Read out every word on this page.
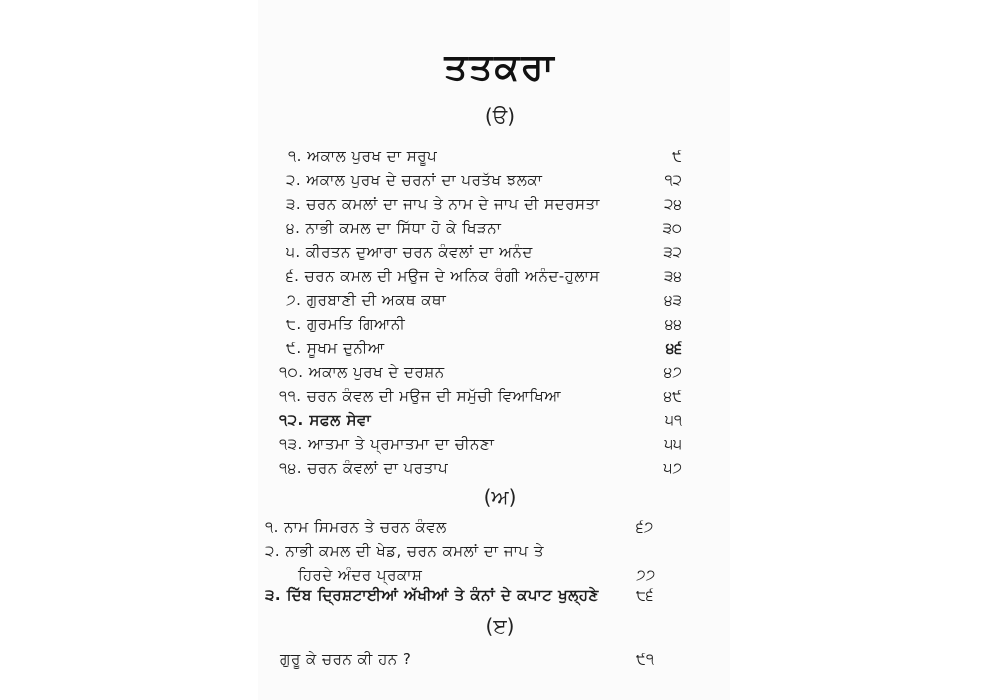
ਤਤਕਰਾ
(ੳ)
੧. ਅਕਾਲ ਪੁਰਖ ਦਾ ਸਰੂਪ	੯
੨. ਅਕਾਲ ਪੁਰਖ ਦੇ ਚਰਨਾਂ ਦਾ ਪਰਤੱਖ ਝਲਕਾ	੧੨
੩. ਚਰਨ ਕਮਲਾਂ ਦਾ ਜਾਪ ਤੇ ਨਾਮ ਦੇ ਜਾਪ ਦੀ ਸਦਰਸਤਾ	੨੪
੪. ਨਾਭੀ ਕਮਲ ਦਾ ਸਿੱਧਾ ਹੋ ਕੇ ਖਿੜਨਾ	੩੦
੫. ਕੀਰਤਨ ਦੁਆਰਾ ਚਰਨ ਕੰਵਲਾਂ ਦਾ ਅਨੰਦ	੩੨
੬. ਚਰਨ ਕਮਲ ਦੀ ਮਉਜ ਦੇ ਅਨਿਕ ਰੰਗੀ ਅਨੰਦ-ਹੁਲਾਸ	੩੪
੭. ਗੁਰਬਾਣੀ ਦੀ ਅਕਥ ਕਥਾ	੪੩
੮. ਗੁਰਮਤਿ ਗਿਆਨੀ	੪੪
੯. ਸੂਖਮ ਦੁਨੀਆ	੪੬
੧੦. ਅਕਾਲ ਪੁਰਖ ਦੇ ਦਰਸ਼ਨ	੪੭
੧੧. ਚਰਨ ਕੰਵਲ ਦੀ ਮਉਜ ਦੀ ਸਮੁੱਚੀ ਵਿਆਖਿਆ	੪੯
੧੨. ਸਫਲ ਸੇਵਾ	੫੧
੧੩. ਆਤਮਾ ਤੇ ਪ੍ਰਮਾਤਮਾ ਦਾ ਚੀਨਣਾ	੫੫
੧੪. ਚਰਨ ਕੰਵਲਾਂ ਦਾ ਪਰਤਾਪ	੫੭
(ਅ)
੧. ਨਾਮ ਸਿਮਰਨ ਤੇ ਚਰਨ ਕੰਵਲ	੬੭
੨. ਨਾਭੀ ਕਮਲ ਦੀ ਖੇਡ, ਚਰਨ ਕਮਲਾਂ ਦਾ ਜਾਪ ਤੇ
ਹਿਰਦੇ ਅੰਦਰ ਪ੍ਰਕਾਸ਼	੭੭
੩. ਦਿੱਬ ਦ੍ਰਿਸ਼ਟਾਈਆਂ ਅੱਖੀਆਂ ਤੇ ਕੰਨਾਂ ਦੇ ਕਪਾਟ ਖੁਲ੍ਹਣੇ ੮੬
(ੲ)
ਗੁਰੂ ਕੇ ਚਰਨ ਕੀ ਹਨ ?	੯੧
